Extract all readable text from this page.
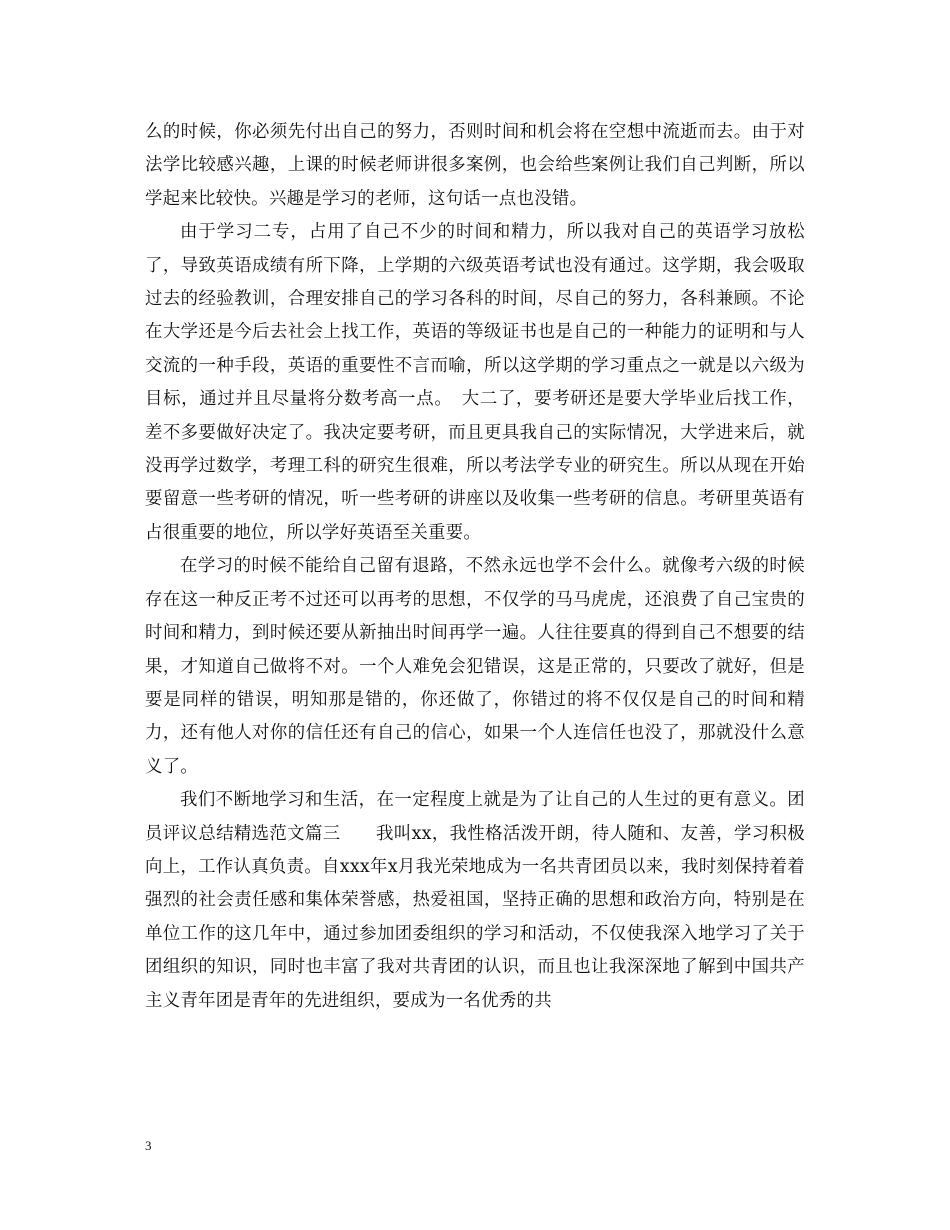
么的时候，你必须先付出自己的努力，否则时间和机会将在空想中流逝而去。由于对法学比较感兴趣，上课的时候老师讲很多案例，也会给些案例让我们自己判断，所以学起来比较快。兴趣是学习的老师，这句话一点也没错。

由于学习二专，占用了自己不少的时间和精力，所以我对自己的英语学习放松了，导致英语成绩有所下降，上学期的六级英语考试也没有通过。这学期，我会吸取过去的经验教训，合理安排自己的学习各科的时间，尽自己的努力，各科兼顾。不论在大学还是今后去社会上找工作，英语的等级证书也是自己的一种能力的证明和与人交流的一种手段，英语的重要性不言而喻，所以这学期的学习重点之一就是以六级为目标，通过并且尽量将分数考高一点。　大二了，要考研还是要大学毕业后找工作，差不多要做好决定了。我决定要考研，而且更具我自己的实际情况，大学进来后，就没再学过数学，考理工科的研究生很难，所以考法学专业的研究生。所以从现在开始要留意一些考研的情况，听一些考研的讲座以及收集一些考研的信息。考研里英语有占很重要的地位，所以学好英语至关重要。

在学习的时候不能给自己留有退路，不然永远也学不会什么。就像考六级的时候存在这一种反正考不过还可以再考的思想，不仅学的马马虎虎，还浪费了自己宝贵的时间和精力，到时候还要从新抽出时间再学一遍。人往往要真的得到自己不想要的结果，才知道自己做将不对。一个人难免会犯错误，这是正常的，只要改了就好，但是要是同样的错误，明知那是错的，你还做了，你错过的将不仅仅是自己的时间和精力，还有他人对你的信任还有自己的信心，如果一个人连信任也没了，那就没什么意义了。

我们不断地学习和生活，在一定程度上就是为了让自己的人生过的更有意义。团员评议总结精选范文篇三　　我叫xx，我性格活泼开朗，待人随和、友善，学习积极向上，工作认真负责。自xxx年x月我光荣地成为一名共青团员以来，我时刻保持着着强烈的社会责任感和集体荣誉感，热爱祖国，坚持正确的思想和政治方向，特别是在单位工作的这几年中，通过参加团委组织的学习和活动，不仅使我深入地学习了关于团组织的知识，同时也丰富了我对共青团的认识，而且也让我深深地了解到中国共产主义青年团是青年的先进组织，要成为一名优秀的共

3
